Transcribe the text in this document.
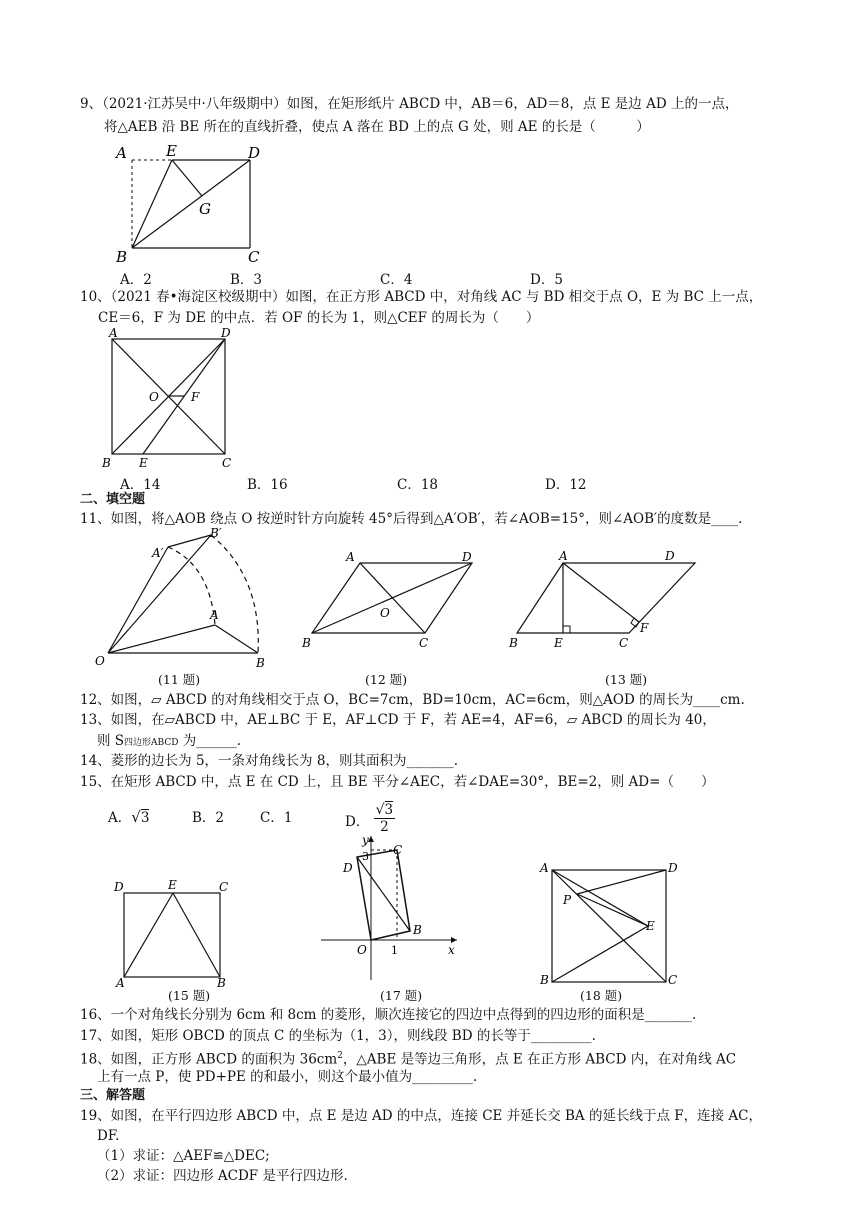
9、（2021·江苏吴中·八年级期中）如图，在矩形纸片 ABCD 中，AB＝6，AD＝8，点 E 是边 AD 上的一点，
将△AEB 沿 BE 所在的直线折叠，使点 A 落在 BD 上的点 G 处，则 AE 的长是（　　　）
A	E	D
G
B	C
A．2	B．3	C．4	D．5
10、（2021 春•海淀区校级期中）如图，在正方形 ABCD 中，对角线 AC 与 BD 相交于点 O，E 为 BC 上一点，
CE＝6，F 为 DE 的中点．若 OF 的长为 1，则△CEF 的周长为（　　）
A	D
O	F
B E	C
A．14	B．16	C．18	D．12
二、填空题
11、如图，将△AOB 绕点 O 按逆时针方向旋转 45°后得到△A′OB′，若∠AOB=15°，则∠AOB′的度数是____.
A′
B′
A
O	B
A	D
O
B	C
A	D
B	E	C
F
(11 题)	(12 题)	(13 题)
12、如图，▱ ABCD 的对角线相交于点 O，BC=7cm，BD=10cm，AC=6cm，则△AOD 的周长为____cm.
13、如图，在▱ABCD 中，AE⊥BC 于 E，AF⊥CD 于 F，若 AE=4，AF=6，▱ ABCD 的周长为 40，
则 S四边形ABCD 为______.
14、菱形的边长为 5，一条对角线长为 8，则其面积为_______.
15、在矩形 ABCD 中，点 E 在 CD 上，且 BE 平分∠AEC，若∠DAE=30°，BE=2，则 AD=（　　）
A．√3	B．2	C．1	D． $\frac{√3}{2}$
D	E	C
A	B
y
3 C
D
O 1
B
x
A	D
P
E
B	C
(15 题)	(17 题)	(18 题)
16、一个对角线长分别为 6cm 和 8cm 的菱形，顺次连接它的四边中点得到的四边形的面积是_______.
17、如图，矩形 OBCD 的顶点 C 的坐标为（1，3），则线段 BD 的长等于_________.
18、如图，正方形 ABCD 的面积为 $36cm^2$，△ABE 是等边三角形，点 E 在正方形 ABCD 内，在对角线 AC
上有一点 P，使 PD+PE 的和最小，则这个最小值为_________.
三、解答题
19、如图，在平行四边形 ABCD 中，点 E 是边 AD 的中点，连接 CE 并延长交 BA 的延长线于点 F，连接 AC，
DF.
（1）求证：△AEF≌△DEC;
（2）求证：四边形 ACDF 是平行四边形.
